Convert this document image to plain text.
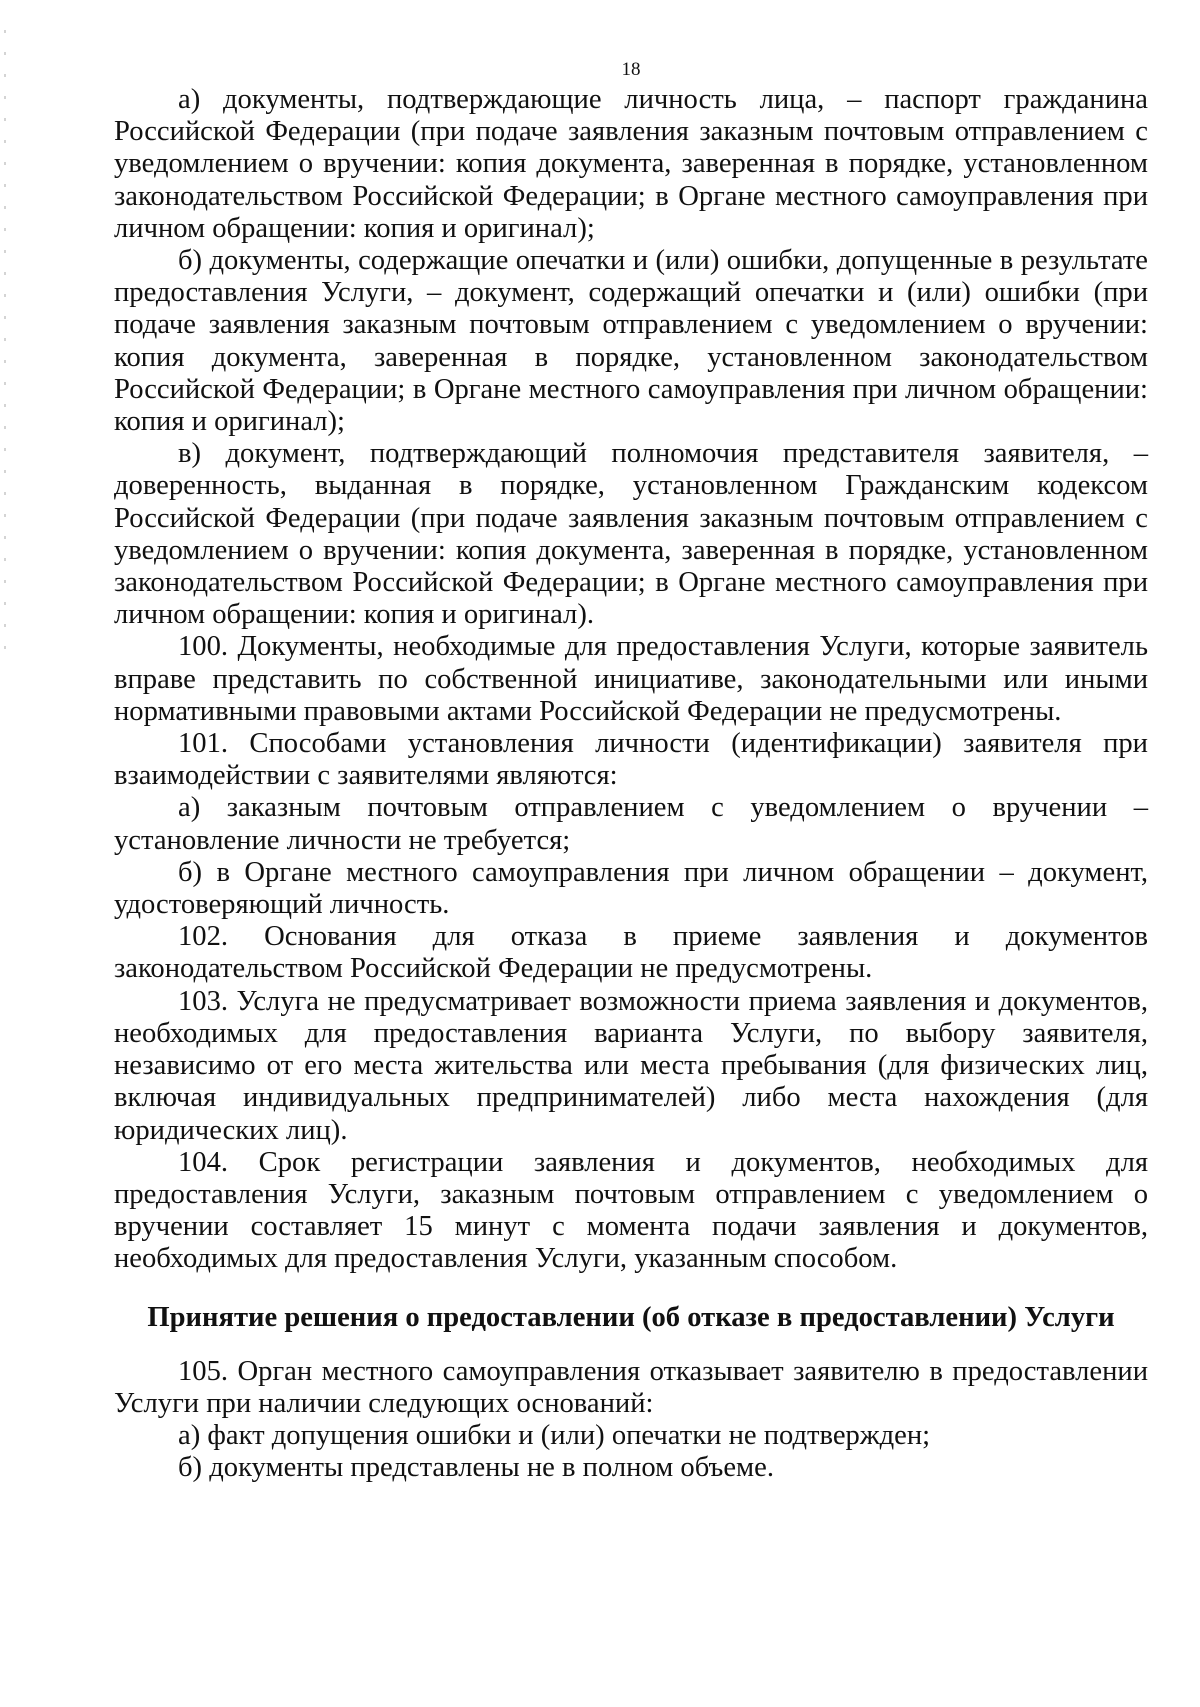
18

а) документы, подтверждающие личность лица, – паспорт гражданина Российской Федерации (при подаче заявления заказным почтовым отправлением с уведомлением о вручении: копия документа, заверенная в порядке, установленном законодательством Российской Федерации; в Органе местного самоуправления при личном обращении: копия и оригинал);

б) документы, содержащие опечатки и (или) ошибки, допущенные в результате предоставления Услуги, – документ, содержащий опечатки и (или) ошибки (при подаче заявления заказным почтовым отправлением с уведомлением о вручении: копия документа, заверенная в порядке, установленном законодательством Российской Федерации; в Органе местного самоуправления при личном обращении: копия и оригинал);

в) документ, подтверждающий полномочия представителя заявителя, – доверенность, выданная в порядке, установленном Гражданским кодексом Российской Федерации (при подаче заявления заказным почтовым отправлением с уведомлением о вручении: копия документа, заверенная в порядке, установленном законодательством Российской Федерации; в Органе местного самоуправления при личном обращении: копия и оригинал).

100. Документы, необходимые для предоставления Услуги, которые заявитель вправе представить по собственной инициативе, законодательными или иными нормативными правовыми актами Российской Федерации не предусмотрены.

101. Способами установления личности (идентификации) заявителя при взаимодействии с заявителями являются:

а) заказным почтовым отправлением с уведомлением о вручении – установление личности не требуется;

б) в Органе местного самоуправления при личном обращении – документ, удостоверяющий личность.

102. Основания для отказа в приеме заявления и документов законодательством Российской Федерации не предусмотрены.

103. Услуга не предусматривает возможности приема заявления и документов, необходимых для предоставления варианта Услуги, по выбору заявителя, независимо от его места жительства или места пребывания (для физических лиц, включая индивидуальных предпринимателей) либо места нахождения (для юридических лиц).

104. Срок регистрации заявления и документов, необходимых для предоставления Услуги, заказным почтовым отправлением с уведомлением о вручении составляет 15 минут с момента подачи заявления и документов, необходимых для предоставления Услуги, указанным способом.

Принятие решения о предоставлении (об отказе в предоставлении) Услуги

105. Орган местного самоуправления отказывает заявителю в предоставлении Услуги при наличии следующих оснований:

а) факт допущения ошибки и (или) опечатки не подтвержден;

б) документы представлены не в полном объеме.
